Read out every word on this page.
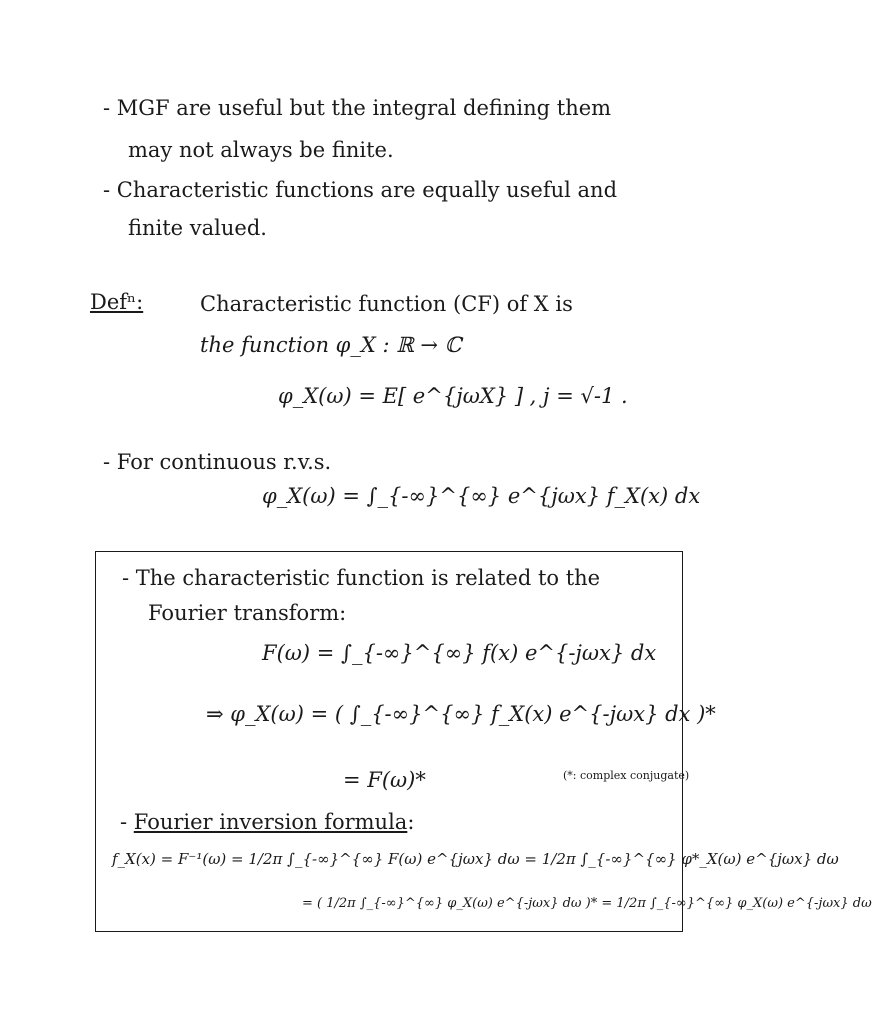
- MGF are useful but the integral defining them
may not always be finite.
- Characteristic functions are equally useful and
finite valued.
Defⁿ:	Characteristic function (CF) of X is
the function φ_X : ℝ → ℂ
φ_X(ω) = E[ e^{jωX} ] , j = √-1 .
- For continuous r.v.s.
φ_X(ω) = ∫_{-∞}^{∞} e^{jωx} f_X(x) dx
- The characteristic function is related to the
Fourier transform:
F(ω) = ∫_{-∞}^{∞} f(x) e^{-jωx} dx
⇒ φ_X(ω) = ( ∫_{-∞}^{∞} f_X(x) e^{-jωx} dx )*
= F(ω)*	(*: complex conjugate)
- Fourier inversion formula:
f_X(x) = F⁻¹(ω) = 1/2π ∫_{-∞}^{∞} F(ω) e^{jωx} dω = 1/2π ∫_{-∞}^{∞} φ*_X(ω) e^{jωx} dω
= ( 1/2π ∫_{-∞}^{∞} φ_X(ω) e^{-jωx} dω )* = 1/2π ∫_{-∞}^{∞} φ_X(ω) e^{-jωx} dω
